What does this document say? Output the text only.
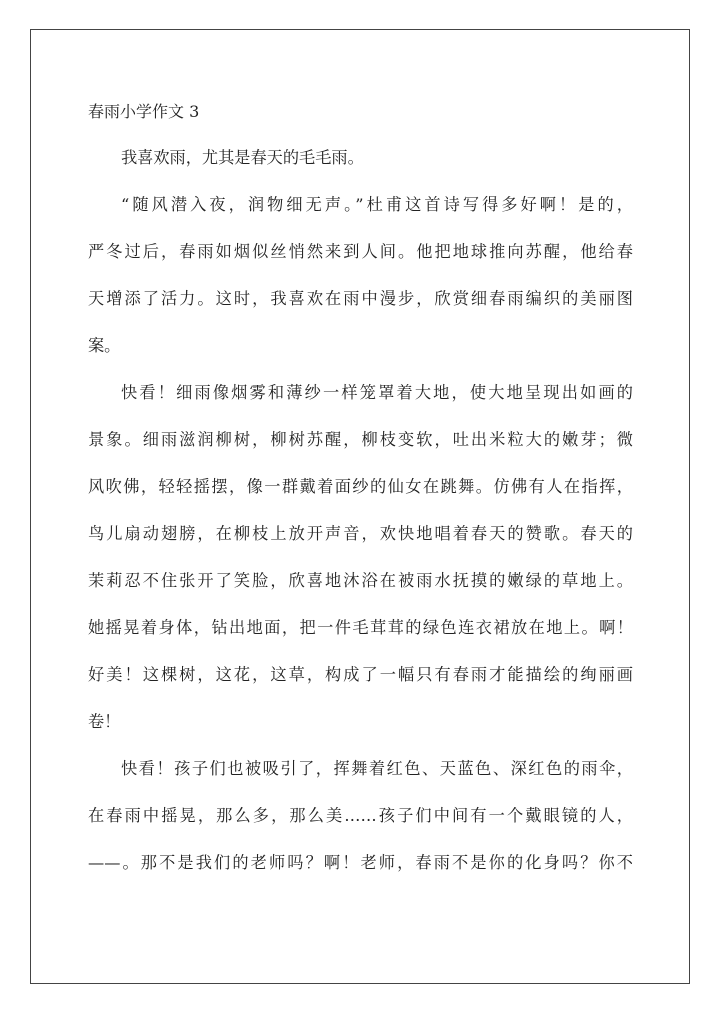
春雨小学作文 3
我喜欢雨，尤其是春天的毛毛雨。
“随风潜入夜，润物细无声。”杜甫这首诗写得多好啊！是的，
严冬过后，春雨如烟似丝悄然来到人间。他把地球推向苏醒，他给春
天增添了活力。这时，我喜欢在雨中漫步，欣赏细春雨编织的美丽图
案。
快看！细雨像烟雾和薄纱一样笼罩着大地，使大地呈现出如画的
景象。细雨滋润柳树，柳树苏醒，柳枝变软，吐出米粒大的嫩芽；微
风吹佛，轻轻摇摆，像一群戴着面纱的仙女在跳舞。仿佛有人在指挥，
鸟儿扇动翅膀，在柳枝上放开声音，欢快地唱着春天的赞歌。春天的
茉莉忍不住张开了笑脸，欣喜地沐浴在被雨水抚摸的嫩绿的草地上。
她摇晃着身体，钻出地面，把一件毛茸茸的绿色连衣裙放在地上。啊！
好美！这棵树，这花，这草，构成了一幅只有春雨才能描绘的绚丽画
卷！
快看！孩子们也被吸引了，挥舞着红色、天蓝色、深红色的雨伞，
在春雨中摇晃，那么多，那么美……孩子们中间有一个戴眼镜的人，
——。那不是我们的老师吗？啊！老师，春雨不是你的化身吗？你不
